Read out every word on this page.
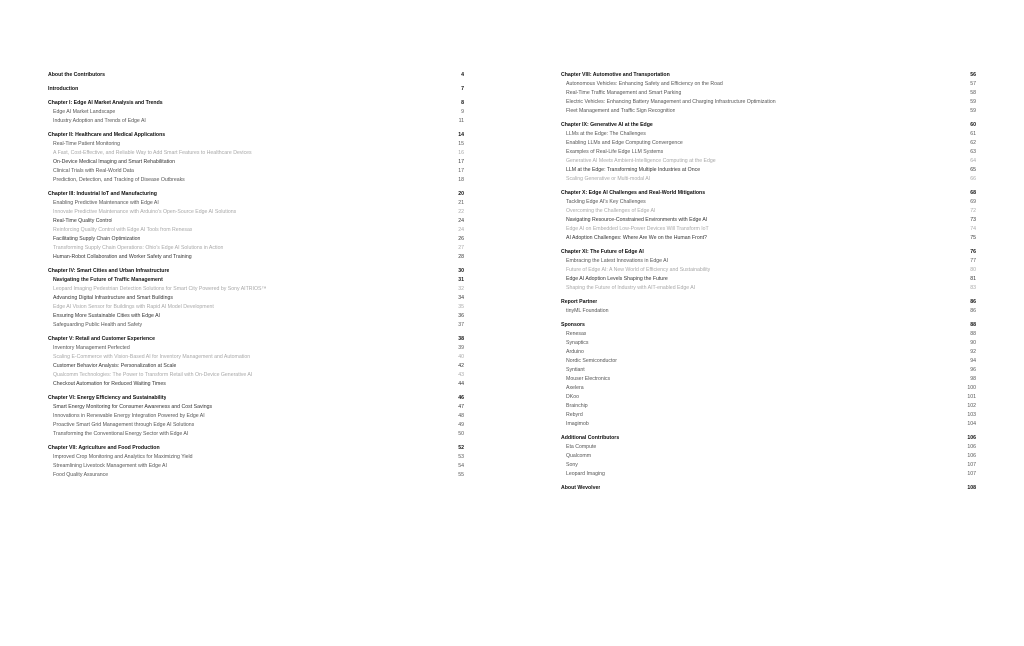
About the Contributors	4
Introduction	7
Chapter I: Edge AI Market Analysis and Trends	8
Edge AI Market Landscape	9
Industry Adoption and Trends of Edge AI	11
Chapter II: Healthcare and Medical Applications	14
Real-Time Patient Monitoring	15
A Fast, Cost-Effective, and Reliable Way to Add Smart Features to Healthcare Devices	16
On-Device Medical Imaging and Smart Rehabilitation	17
Clinical Trials with Real-World Data	17
Prediction, Detection, and Tracking of Disease Outbreaks	18
Chapter III: Industrial IoT and Manufacturing	20
Enabling Predictive Maintenance with Edge AI	21
Innovate Predictive Maintenance with Arduino's Open-Source Edge AI Solutions	22
Real-Time Quality Control	24
Reinforcing Quality Control with Edge AI Tools from Renesas	24
Facilitating Supply Chain Optimization	26
Transforming Supply Chain Operations: Ohio's Edge AI Solutions in Action	27
Human-Robot Collaboration and Worker Safety and Training	28
Chapter IV: Smart Cities and Urban Infrastructure	30
Navigating the Future of Traffic Management	31
Leopard Imaging Pedestrian Detection Solutions for Smart City Powered by Sony AITRIOS™	32
Advancing Digital Infrastructure and Smart Buildings	34
Edge AI Vision Sensor for Buildings with Rapid AI Model Development	35
Ensuring More Sustainable Cities with Edge AI	36
Safeguarding Public Health and Safety	37
Chapter V: Retail and Customer Experience	38
Inventory Management Perfected	39
Scaling E-Commerce with Vision-Based AI for Inventory Management and Automation	40
Customer Behavior Analysis: Personalization at Scale	42
Qualcomm Technologies: The Power to Transform Retail with On-Device Generative AI	43
Checkout Automation for Reduced Waiting Times	44
Chapter VI: Energy Efficiency and Sustainability	46
Smart Energy Monitoring for Consumer Awareness and Cost Savings	47
Innovations in Renewable Energy Integration Powered by Edge AI	48
Proactive Smart Grid Management through Edge AI Solutions	49
Transforming the Conventional Energy Sector with Edge AI	50
Chapter VII: Agriculture and Food Production	52
Improved Crop Monitoring and Analytics for Maximizing Yield	53
Streamlining Livestock Management with Edge AI	54
Food Quality Assurance	55
Chapter VIII: Automotive and Transportation	56
Autonomous Vehicles: Enhancing Safety and Efficiency on the Road	57
Real-Time Traffic Management and Smart Parking	58
Electric Vehicles: Enhancing Battery Management and Charging Infrastructure Optimization	59
Fleet Management and Traffic Sign Recognition	59
Chapter IX: Generative AI at the Edge	60
LLMs at the Edge: The Challenges	61
Enabling LLMs and Edge Computing Convergence	62
Examples of Real-Life Edge LLM Systems	63
Generative AI Meets Ambient-Intelligence Computing at the Edge	64
LLM at the Edge: Transforming Multiple Industries at Once	65
Scaling Generative or Multi-modal AI	66
Chapter X: Edge AI Challenges and Real-World Mitigations	68
Tackling Edge AI's Key Challenges	69
Overcoming the Challenges of Edge AI	72
Navigating Resource-Constrained Environments with Edge AI	73
Edge AI on Embedded Low-Power Devices Will Transform IoT	74
AI Adoption Challenges: Where Are We on the Human Front?	75
Chapter XI: The Future of Edge AI	76
Embracing the Latest Innovations in Edge AI	77
Future of Edge AI: A New World of Efficiency and Sustainability	80
Edge AI Adoption Levels Shaping the Future	81
Shaping the Future of Industry with AIT-enabled Edge AI	83
Report Partner	86
tinyML Foundation	86
Sponsors	88
Renesas	88
Synaptics	90
Arduino	92
Nordic Semiconductor	94
Syntiant	96
Mouser Electronics	98
Axelera	100
DKoo	101
Brainchip	102
Rebyrd	103
Imagimob	104
Additional Contributors	106
Eta Compute	106
Qualcomm	106
Sony	107
Leopard Imaging	107
About Wevolver	108
